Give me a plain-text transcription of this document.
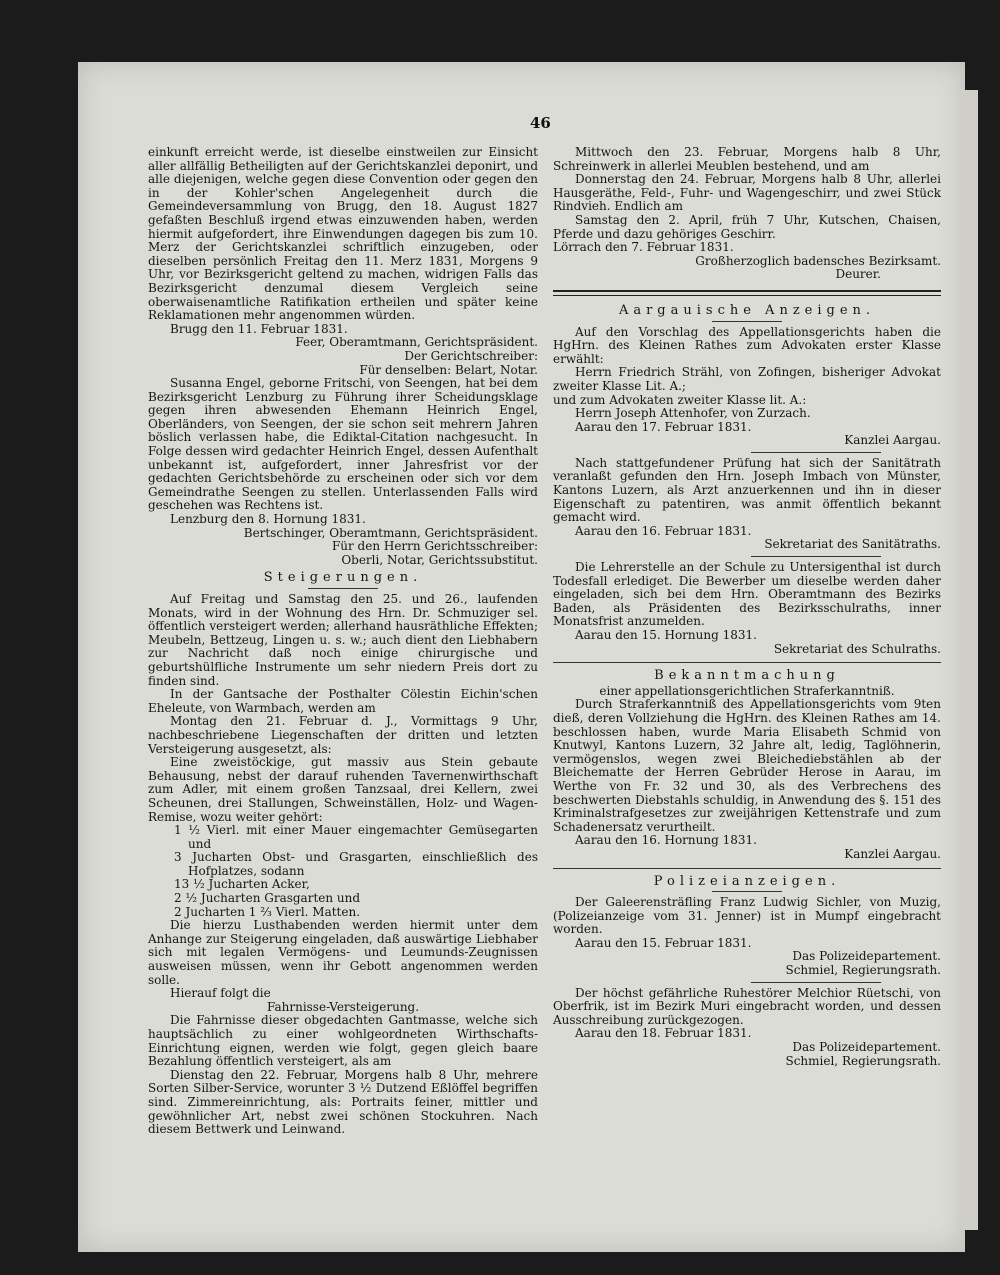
46

einkunft erreicht werde, ist dieselbe einstweilen zur Einsicht aller allfällig Betheiligten auf der Gerichtskanzlei deponirt, und alle diejenigen, welche gegen diese Convention oder gegen den in der Kohler'schen Angelegenheit durch die Gemeindeversammlung von Brugg, den 18. August 1827 gefaßten Beschluß irgend etwas einzuwenden haben, werden hiermit aufgefordert, ihre Einwendungen dagegen bis zum 10. Merz der Gerichtskanzlei schriftlich einzugeben, oder dieselben persönlich Freitag den 11. Merz 1831, Morgens 9 Uhr, vor Bezirksgericht geltend zu machen, widrigen Falls das Bezirksgericht denzumal diesem Vergleich seine oberwaisenamtliche Ratifikation ertheilen und später keine Reklamationen mehr angenommen würden.

Brugg den 11. Februar 1831.

Feer, Oberamtmann, Gerichtspräsident.

Der Gerichtschreiber:

Für denselben: Belart, Notar.

Susanna Engel, geborne Fritschi, von Seengen, hat bei dem Bezirksgericht Lenzburg zu Führung ihrer Scheidungsklage gegen ihren abwesenden Ehemann Heinrich Engel, Oberländers, von Seengen, der sie schon seit mehrern Jahren böslich verlassen habe, die Ediktal-Citation nachgesucht. In Folge dessen wird gedachter Heinrich Engel, dessen Aufenthalt unbekannt ist, aufgefordert, inner Jahresfrist vor der gedachten Gerichtsbehörde zu erscheinen oder sich vor dem Gemeindrathe Seengen zu stellen. Unterlassenden Falls wird geschehen was Rechtens ist.

Lenzburg den 8. Hornung 1831.

Bertschinger, Oberamtmann, Gerichtspräsident.

Für den Herrn Gerichtsschreiber:

Oberli, Notar, Gerichtssubstitut.

Steigerungen.

Auf Freitag und Samstag den 25. und 26., laufenden Monats, wird in der Wohnung des Hrn. Dr. Schmuziger sel. öffentlich versteigert werden; allerhand hausräthliche Effekten; Meubeln, Bettzeug, Lingen u. s. w.; auch dient den Liebhabern zur Nachricht daß noch einige chirurgische und geburtshülfliche Instrumente um sehr niedern Preis dort zu finden sind.

In der Gantsache der Posthalter Cölestin Eichin'schen Eheleute, von Warmbach, werden am

Montag den 21. Februar d. J., Vormittags 9 Uhr, nachbeschriebene Liegenschaften der dritten und letzten Versteigerung ausgesetzt, als:

Eine zweistöckige, gut massiv aus Stein gebaute Behausung, nebst der darauf ruhenden Tavernenwirthschaft zum Adler, mit einem großen Tanzsaal, drei Kellern, zwei Scheunen, drei Stallungen, Schweinställen, Holz- und Wagen-Remise, wozu weiter gehört:

1 ½ Vierl. mit einer Mauer eingemachter Gemüsegarten und

3 Jucharten Obst- und Grasgarten, einschließlich des Hofplatzes, sodann

13 ½ Jucharten Acker,

2 ½ Jucharten Grasgarten und

2 Jucharten 1 ⅔ Vierl. Matten.

Die hierzu Lusthabenden werden hiermit unter dem Anhange zur Steigerung eingeladen, daß auswärtige Liebhaber sich mit legalen Vermögens- und Leumunds-Zeugnissen ausweisen müssen, wenn ihr Gebott angenommen werden solle.

Hierauf folgt die

Fahrnisse-Versteigerung.

Die Fahrnisse dieser obgedachten Gantmasse, welche sich hauptsächlich zu einer wohlgeordneten Wirthschafts-Einrichtung eignen, werden wie folgt, gegen gleich baare Bezahlung öffentlich versteigert, als am

Dienstag den 22. Februar, Morgens halb 8 Uhr, mehrere Sorten Silber-Service, worunter 3 ½ Dutzend Eßlöffel begriffen sind. Zimmereinrichtung, als: Portraits feiner, mittler und gewöhnlicher Art, nebst zwei schönen Stockuhren. Nach diesem Bettwerk und Leinwand.

Mittwoch den 23. Februar, Morgens halb 8 Uhr, Schreinwerk in allerlei Meublen bestehend, und am

Donnerstag den 24. Februar, Morgens halb 8 Uhr, allerlei Hausgeräthe, Feld-, Fuhr- und Wagengeschirr, und zwei Stück Rindvieh. Endlich am

Samstag den 2. April, früh 7 Uhr, Kutschen, Chaisen, Pferde und dazu gehöriges Geschirr.

Lörrach den 7. Februar 1831.

Großherzoglich badensches Bezirksamt.

Deurer.

Aargauische Anzeigen.

Auf den Vorschlag des Appellationsgerichts haben die HgHrn. des Kleinen Rathes zum Advokaten erster Klasse erwählt:

Herrn Friedrich Strähl, von Zofingen, bisheriger Advokat zweiter Klasse Lit. A.;

und zum Advokaten zweiter Klasse lit. A.:

Herrn Joseph Attenhofer, von Zurzach.

Aarau den 17. Februar 1831.

Kanzlei Aargau.

Nach stattgefundener Prüfung hat sich der Sanitätrath veranlaßt gefunden den Hrn. Joseph Imbach von Münster, Kantons Luzern, als Arzt anzuerkennen und ihn in dieser Eigenschaft zu patentiren, was anmit öffentlich bekannt gemacht wird.

Aarau den 16. Februar 1831.

Sekretariat des Sanitätraths.

Die Lehrerstelle an der Schule zu Untersigenthal ist durch Todesfall erlediget. Die Bewerber um dieselbe werden daher eingeladen, sich bei dem Hrn. Oberamtmann des Bezirks Baden, als Präsidenten des Bezirksschulraths, inner Monatsfrist anzumelden.

Aarau den 15. Hornung 1831.

Sekretariat des Schulraths.

Bekanntmachung

einer appellationsgerichtlichen Straferkanntniß.

Durch Straferkanntniß des Appellationsgerichts vom 9ten dieß, deren Vollziehung die HgHrn. des Kleinen Rathes am 14. beschlossen haben, wurde Maria Elisabeth Schmid von Knutwyl, Kantons Luzern, 32 Jahre alt, ledig, Taglöhnerin, vermögenslos, wegen zwei Bleichediebstählen ab der Bleichematte der Herren Gebrüder Herose in Aarau, im Werthe von Fr. 32 und 30, als des Verbrechens des beschwerten Diebstahls schuldig, in Anwendung des §. 151 des Kriminalstrafgesetzes zur zweijährigen Kettenstrafe und zum Schadenersatz verurtheilt.

Aarau den 16. Hornung 1831.

Kanzlei Aargau.

Polizeianzeigen.

Der Galeerensträfling Franz Ludwig Sichler, von Muzig, (Polizeianzeige vom 31. Jenner) ist in Mumpf eingebracht worden.

Aarau den 15. Februar 1831.

Das Polizeidepartement.

Schmiel, Regierungsrath.

Der höchst gefährliche Ruhestörer Melchior Rüetschi, von Oberfrik, ist im Bezirk Muri eingebracht worden, und dessen Ausschreibung zurückgezogen.

Aarau den 18. Februar 1831.

Das Polizeidepartement.

Schmiel, Regierungsrath.
